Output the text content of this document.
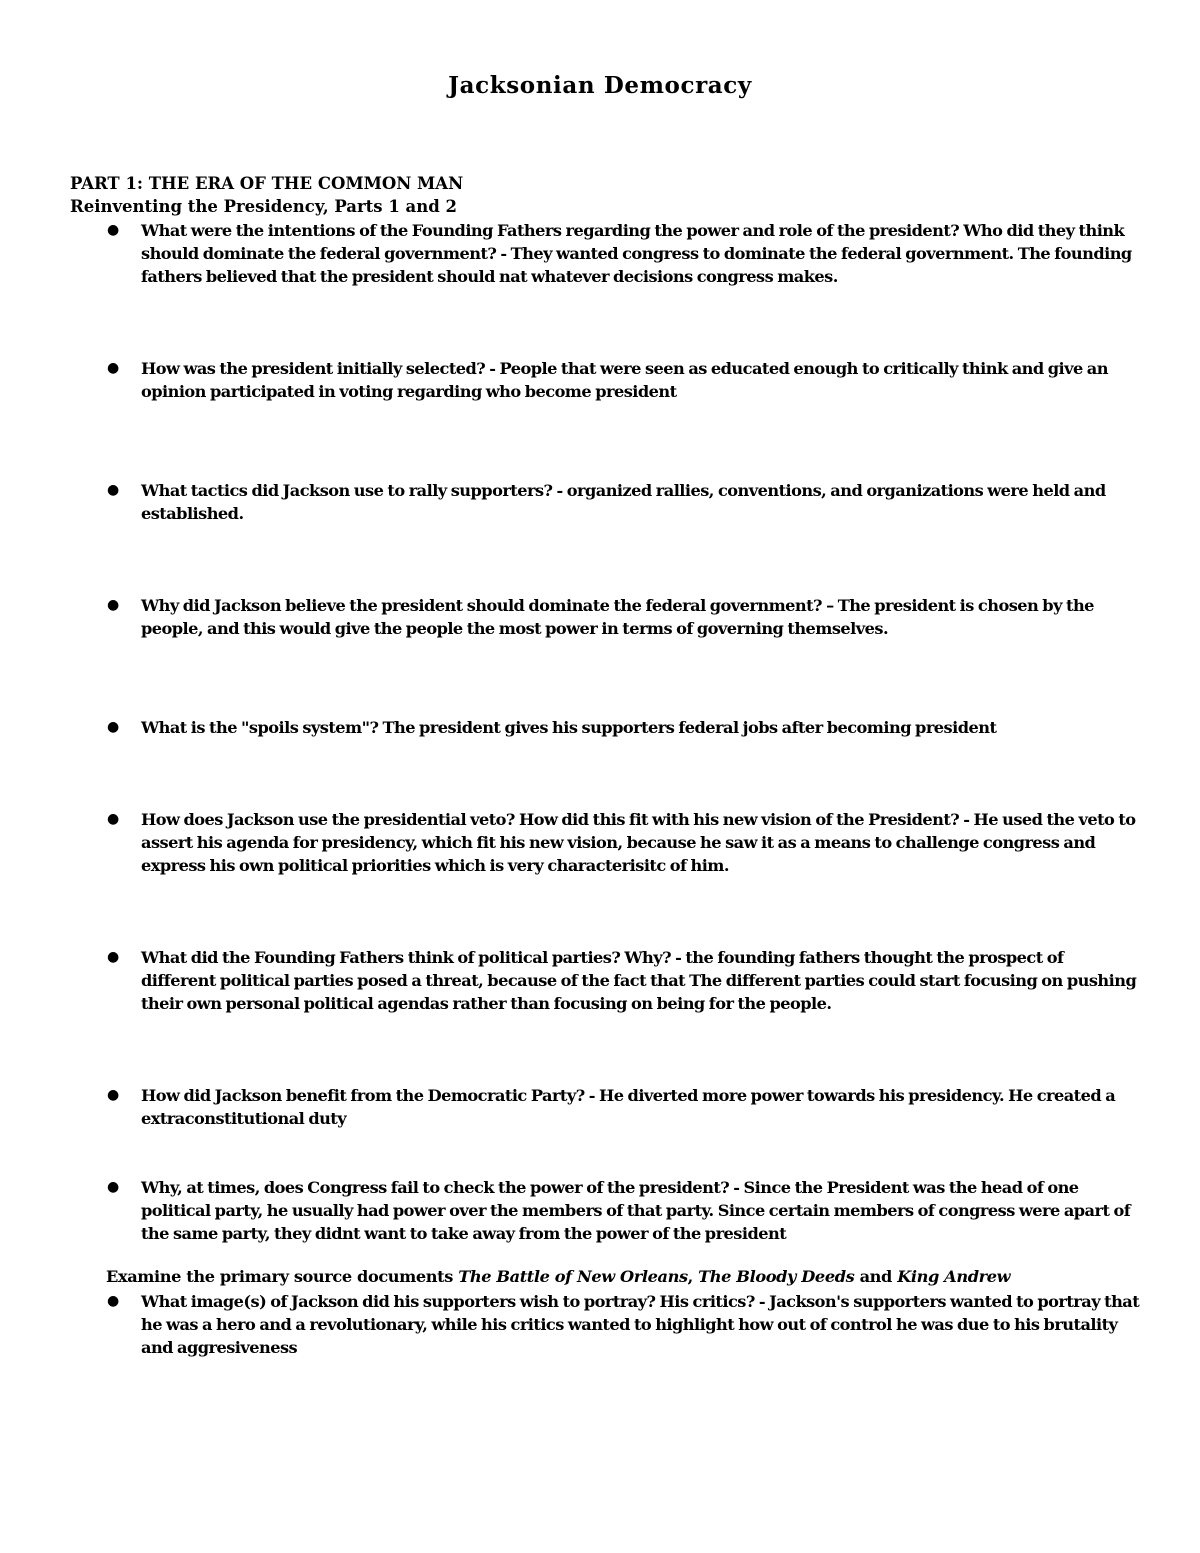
Jacksonian Democracy

PART 1: THE ERA OF THE COMMON MAN

Reinventing the Presidency, Parts 1 and 2

● What were the intentions of the Founding Fathers regarding the power and role of the president? Who did they think should dominate the federal government? - They wanted congress to dominate the federal government. The founding fathers believed that the president should nat whatever decisions congress makes.
● How was the president initially selected? - People that were seen as educated enough to critically think and give an opinion participated in voting regarding who become president
● What tactics did Jackson use to rally supporters? - organized rallies, conventions, and organizations were held and established.
● Why did Jackson believe the president should dominate the federal government? – The president is chosen by the people, and this would give the people the most power in terms of governing themselves.
● What is the "spoils system"? The president gives his supporters federal jobs after becoming president
● How does Jackson use the presidential veto? How did this fit with his new vision of the President? - He used the veto to assert his agenda for presidency, which fit his new vision, because he saw it as a means to challenge congress and express his own political priorities which is very characterisitc of him.
● What did the Founding Fathers think of political parties? Why? - the founding fathers thought the prospect of different political parties posed a threat, because of the fact that The different parties could start focusing on pushing their own personal political agendas rather than focusing on being for the people.
● How did Jackson benefit from the Democratic Party? - He diverted more power towards his presidency. He created a extraconstitutional duty
● Why, at times, does Congress fail to check the power of the president? - Since the President was the head of one political party, he usually had power over the members of that party. Since certain members of congress were apart of the same party, they didnt want to take away from the power of the president

Examine the primary source documents The Battle of New Orleans, The Bloody Deeds and King Andrew

● What image(s) of Jackson did his supporters wish to portray? His critics? - Jackson's supporters wanted to portray that he was a hero and a revolutionary, while his critics wanted to highlight how out of control he was due to his brutality and aggresiveness
